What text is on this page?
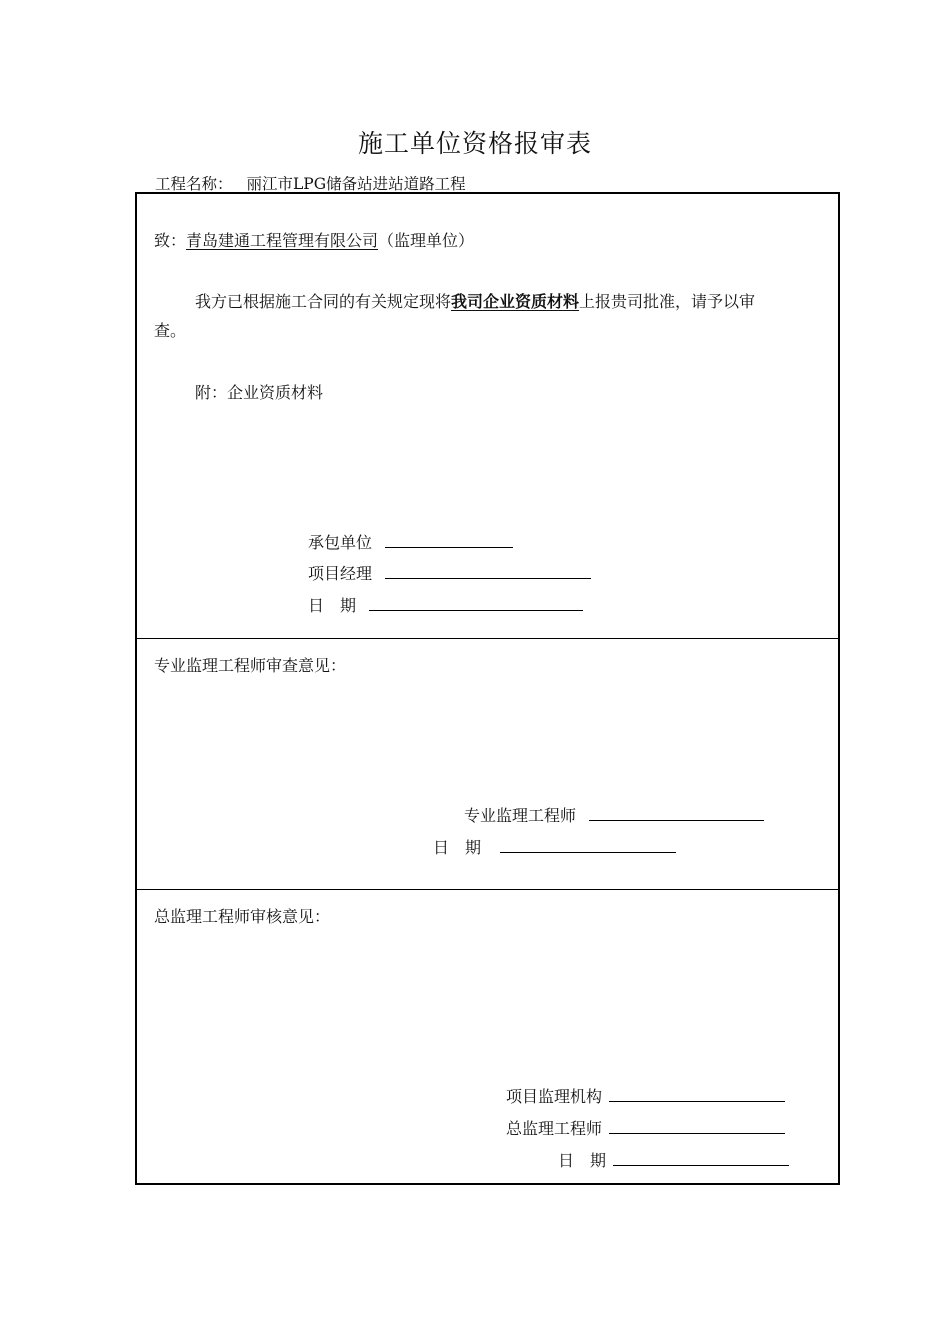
施工单位资格报审表
工程名称： 丽江市LPG储备站进站道路工程
致：青岛建通工程管理有限公司（监理单位）
我方已根据施工合同的有关规定现将我司企业资质材料上报贵司批准，请予以审
查。
附：企业资质材料
承包单位
项目经理
日　期
专业监理工程师审查意见：
专业监理工程师
日　期
总监理工程师审核意见：
项目监理机构
总监理工程师
日　期
